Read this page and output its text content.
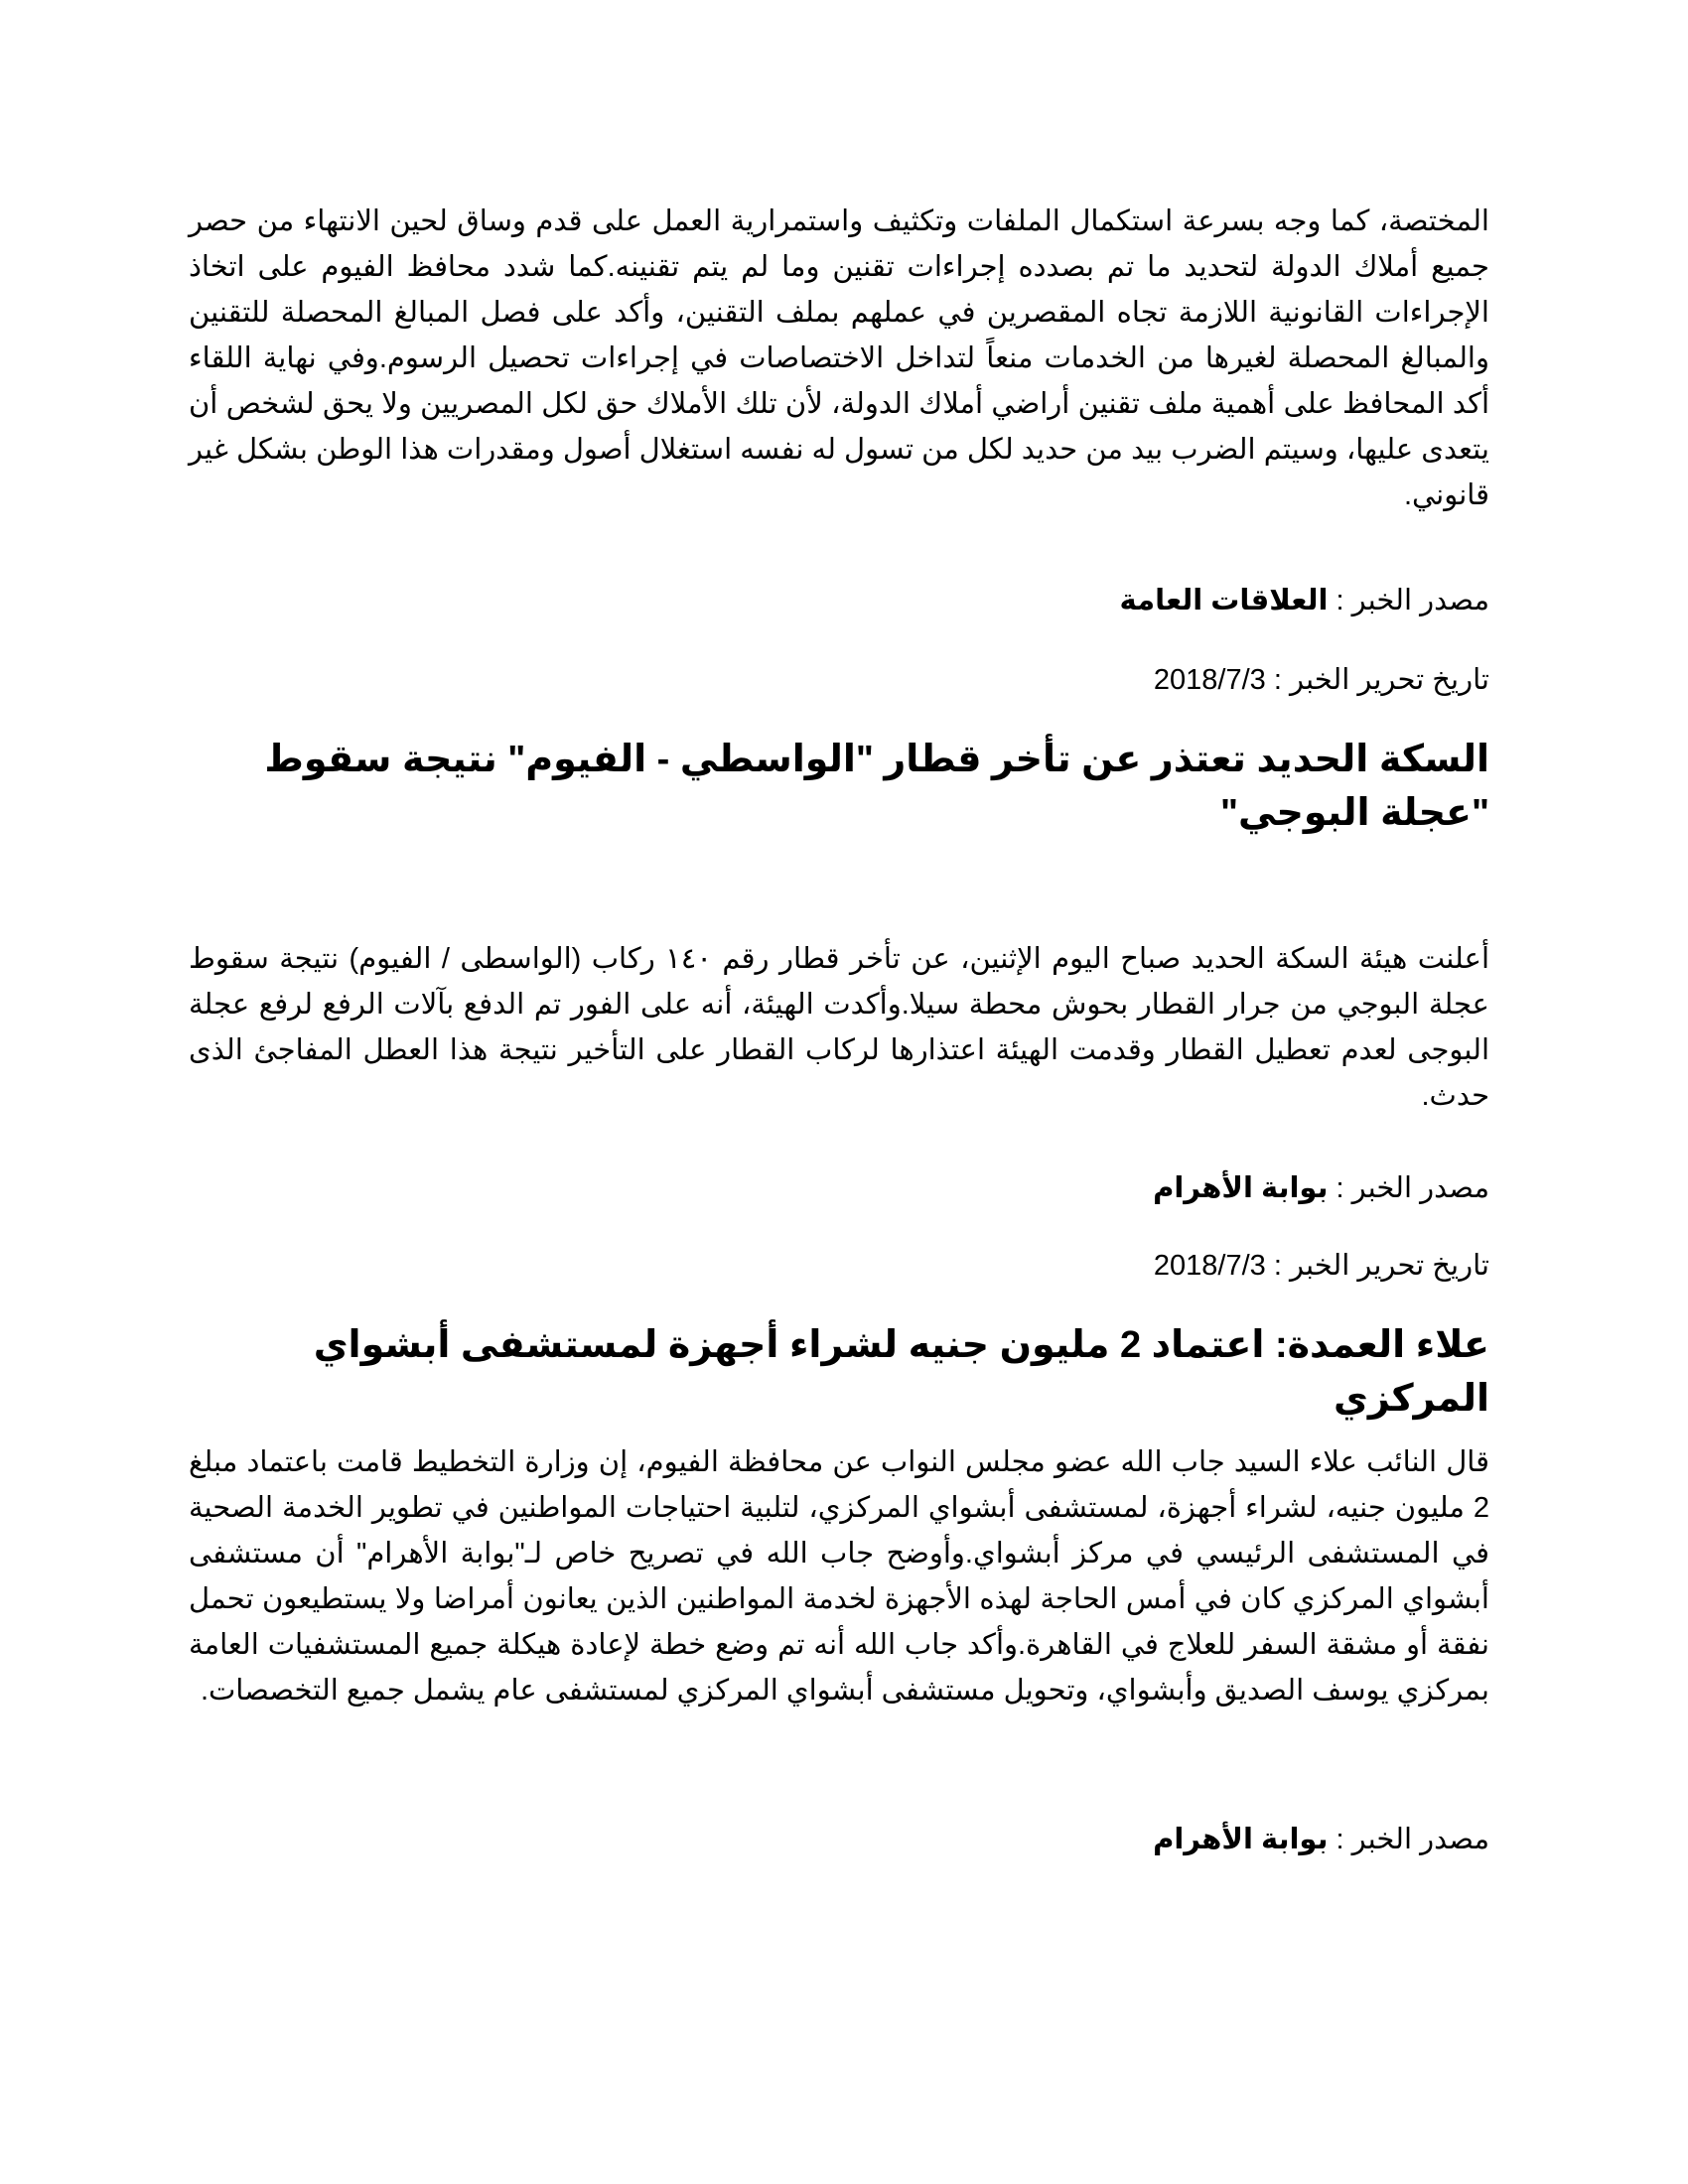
المختصة، كما وجه بسرعة استكمال الملفات وتكثيف واستمرارية العمل على قدم وساق لحين الانتهاء من حصر جميع أملاك الدولة لتحديد ما تم بصدده إجراءات تقنين وما لم يتم تقنينه.كما شدد محافظ الفيوم على اتخاذ الإجراءات القانونية اللازمة تجاه المقصرين في عملهم بملف التقنين، وأكد على فصل المبالغ المحصلة للتقنين والمبالغ المحصلة لغيرها من الخدمات منعاً لتداخل الاختصاصات في إجراءات تحصيل الرسوم.وفي نهاية اللقاء أكد المحافظ على أهمية ملف تقنين أراضي أملاك الدولة، لأن تلك الأملاك حق لكل المصريين ولا يحق لشخص أن يتعدى عليها، وسيتم الضرب بيد من حديد لكل من تسول له نفسه استغلال أصول ومقدرات هذا الوطن بشكل غير قانوني.

مصدر الخبر : العلاقات العامة

تاريخ تحرير الخبر : 2018/7/3

السكة الحديد تعتذر عن تأخر قطار "الواسطي - الفيوم" نتيجة سقوط "عجلة البوجي"

أعلنت هيئة السكة الحديد صباح اليوم الإثنين، عن تأخر قطار رقم ١٤٠ ركاب (الواسطى / الفيوم) نتيجة سقوط عجلة البوجي من جرار القطار بحوش محطة سيلا.وأكدت الهيئة، أنه على الفور تم الدفع بآلات الرفع لرفع عجلة البوجى لعدم تعطيل القطار وقدمت الهيئة اعتذارها لركاب القطار على التأخير نتيجة هذا العطل المفاجئ الذى حدث.

مصدر الخبر : بوابة الأهرام

تاريخ تحرير الخبر : 2018/7/3

علاء العمدة: اعتماد 2 مليون جنيه لشراء أجهزة لمستشفى أبشواي المركزي

قال النائب علاء السيد جاب الله عضو مجلس النواب عن محافظة الفيوم، إن وزارة التخطيط قامت باعتماد مبلغ 2 مليون جنيه، لشراء أجهزة، لمستشفى أبشواي المركزي، لتلبية احتياجات المواطنين في تطوير الخدمة الصحية في المستشفى الرئيسي في مركز أبشواي.وأوضح جاب الله في تصريح خاص لـ"بوابة الأهرام" أن مستشفى أبشواي المركزي كان في أمس الحاجة لهذه الأجهزة لخدمة المواطنين الذين يعانون أمراضا ولا يستطيعون تحمل نفقة أو مشقة السفر للعلاج في القاهرة.وأكد جاب الله أنه تم وضع خطة لإعادة هيكلة جميع المستشفيات العامة بمركزي يوسف الصديق وأبشواي، وتحويل مستشفى أبشواي المركزي لمستشفى عام يشمل جميع التخصصات.

مصدر الخبر : بوابة الأهرام
